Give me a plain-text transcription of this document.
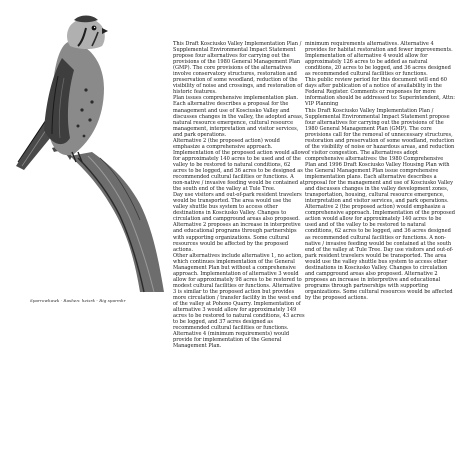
Sparrowhawk · Rashen: heisrk - Rig sparmhr

This Draft Kosciusko Valley Implementation Plan / Supplemental Environmental Impact Statement propose four alternatives for carrying out the provisions of the 1980 General Management Plan (GMP). The core provisions of the alternatives involve conservatory structures, restoration and preservation of some woodland, reduction of the visibility of noise and crossings, and restoration of historic features.

Plan issues comprehensive implementation plan. Each alternative describes a proposal for the management and use of Kosciusko Valley and discusses changes in the valley, the adopted areas, natural resource emergence, cultural resource management, interpretation and visitor services, and park operations.

Alternative 2 (the proposed action) would emphasize a comprehensive approach. Implementation of the proposed action would allow for approximately 140 acres to be used and of the valley to be restored to natural conditions, 62 acres to be logged, and 36 acres to be designed as recommended cultural facilities or functions. A non-native / invasive feeding would be contained at the south end of the valley at Tule Tree.

Day use visitors and out-of-park resident travelers would be transported. The area would use the valley shuttle bus system to access other destinations in Kosciusko Valley. Changes to circulation and campground areas also proposed. Alternative 2 proposes an increase in interpretive and educational programs through partnerships with supporting organizations. Some cultural resources would be affected by the proposed actions.

Other alternatives include alternative 1, no action, which continues implementation of the General Management Plan but without a comprehensive approach. Implementation of alternative 3 would allow for approximately 98 acres to be restored to modest cultural facilities or functions. Alternative 3 is similar to the proposed action but provides more circulation / transfer facility in the west end of the valley at Pohono Quarry. Implementation of alternative 3 would allow for approximately 149 acres to be restored to natural conditions, 43 acres to be logged, and 37 acres designed as recommended cultural facilities or functions. Alternative 4 (minimum requirements) would provide for implementation of the General Management Plan.

minimum requirements alternatives. Alternative 4 provides for habitat restoration and fewer improvements. Implementation of alternative 4 would allow for approximately 126 acres to be added as natural conditions, 20 acres to be logged, and 36 acres designed as recommended cultural facilities or functions.

This public review period for this document will end 60 days after publication of a notice of availability in the Federal Register. Comments or responses for more information should be addressed to: Superintendent, Attn: VIP Planning

This Draft Kosciusko Valley Implementation Plan / Supplemental Environmental Impact Statement propose four alternatives for carrying out the provisions of the 1980 General Management Plan (GMP). The core provisions call for the removal of unnecessary structures, restoration and preservation of some woodland, reduction of the visibility of noise or hazardous areas, and reduction of visitor congestion. The alternatives adopt comprehensive alternatives: the 1980 Comprehensive Plan and 1996 Draft Kosciusko Valley Housing Plan with the General Management Plan issue comprehensive implementation plans. Each alternative describes a proposal for the management and use of Kosciusko Valley and discusses changes in the valley development zones, transportation, housing, cultural resource emergence, interpretation and visitor services, and park operations.

Alternative 2 (the proposed action) would emphasize a comprehensive approach. Implementation of the proposed action would allow for approximately 140 acres to be used and of the valley to be restored to natural conditions, 62 acres to be logged, and 36 acres designed as recommended cultural facilities or functions. A non-native / invasive feeding would be contained at the south end of the valley at Tule Tree. Day use visitors and out-of-park resident travelers would be transported. The area would use the valley shuttle bus system to access other destinations in Kosciusko Valley. Changes to circulation and campground areas also proposed. Alternative 2 proposes an increase in interpretive and educational programs through partnerships with supporting organizations. Some cultural resources would be affected by the proposed actions.
